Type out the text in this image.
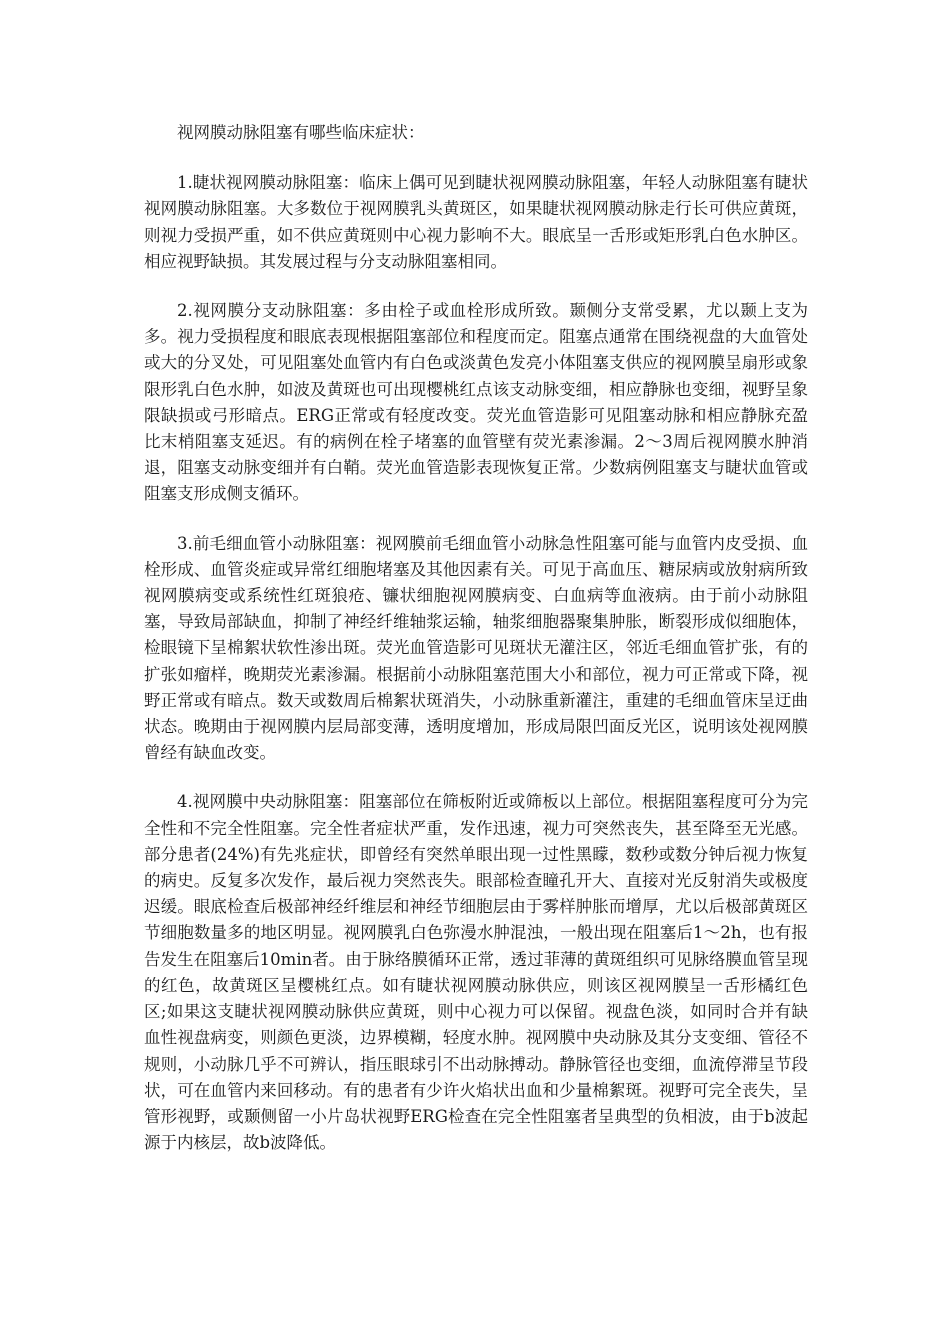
视网膜动脉阻塞有哪些临床症状：

1.睫状视网膜动脉阻塞：临床上偶可见到睫状视网膜动脉阻塞，年轻人动脉阻塞有睫状视网膜动脉阻塞。大多数位于视网膜乳头黄斑区，如果睫状视网膜动脉走行长可供应黄斑，则视力受损严重，如不供应黄斑则中心视力影响不大。眼底呈一舌形或矩形乳白色水肿区。相应视野缺损。其发展过程与分支动脉阻塞相同。

2.视网膜分支动脉阻塞：多由栓子或血栓形成所致。颞侧分支常受累，尤以颞上支为多。视力受损程度和眼底表现根据阻塞部位和程度而定。阻塞点通常在围绕视盘的大血管处或大的分叉处，可见阻塞处血管内有白色或淡黄色发亮小体阻塞支供应的视网膜呈扇形或象限形乳白色水肿，如波及黄斑也可出现樱桃红点该支动脉变细，相应静脉也变细，视野呈象限缺损或弓形暗点。ERG正常或有轻度改变。荧光血管造影可见阻塞动脉和相应静脉充盈比末梢阻塞支延迟。有的病例在栓子堵塞的血管壁有荧光素渗漏。2～3周后视网膜水肿消退，阻塞支动脉变细并有白鞘。荧光血管造影表现恢复正常。少数病例阻塞支与睫状血管或阻塞支形成侧支循环。

3.前毛细血管小动脉阻塞：视网膜前毛细血管小动脉急性阻塞可能与血管内皮受损、血栓形成、血管炎症或异常红细胞堵塞及其他因素有关。可见于高血压、糖尿病或放射病所致视网膜病变或系统性红斑狼疮、镰状细胞视网膜病变、白血病等血液病。由于前小动脉阻塞，导致局部缺血，抑制了神经纤维轴浆运输，轴浆细胞器聚集肿胀，断裂形成似细胞体，检眼镜下呈棉絮状软性渗出斑。荧光血管造影可见斑状无灌注区，邻近毛细血管扩张，有的扩张如瘤样，晚期荧光素渗漏。根据前小动脉阻塞范围大小和部位，视力可正常或下降，视野正常或有暗点。数天或数周后棉絮状斑消失，小动脉重新灌注，重建的毛细血管床呈迂曲状态。晚期由于视网膜内层局部变薄，透明度增加，形成局限凹面反光区，说明该处视网膜曾经有缺血改变。

4.视网膜中央动脉阻塞：阻塞部位在筛板附近或筛板以上部位。根据阻塞程度可分为完全性和不完全性阻塞。完全性者症状严重，发作迅速，视力可突然丧失，甚至降至无光感。部分患者(24%)有先兆症状，即曾经有突然单眼出现一过性黑矇，数秒或数分钟后视力恢复的病史。反复多次发作，最后视力突然丧失。眼部检查瞳孔开大、直接对光反射消失或极度迟缓。眼底检查后极部神经纤维层和神经节细胞层由于雾样肿胀而增厚，尤以后极部黄斑区节细胞数量多的地区明显。视网膜乳白色弥漫水肿混浊，一般出现在阻塞后1～2h，也有报告发生在阻塞后10min者。由于脉络膜循环正常，透过菲薄的黄斑组织可见脉络膜血管呈现的红色，故黄斑区呈樱桃红点。如有睫状视网膜动脉供应，则该区视网膜呈一舌形橘红色区;如果这支睫状视网膜动脉供应黄斑，则中心视力可以保留。视盘色淡，如同时合并有缺血性视盘病变，则颜色更淡，边界模糊，轻度水肿。视网膜中央动脉及其分支变细、管径不规则，小动脉几乎不可辨认，指压眼球引不出动脉搏动。静脉管径也变细，血流停滞呈节段状，可在血管内来回移动。有的患者有少许火焰状出血和少量棉絮斑。视野可完全丧失，呈管形视野，或颞侧留一小片岛状视野ERG检查在完全性阻塞者呈典型的负相波，由于b波起源于内核层，故b波降低。
